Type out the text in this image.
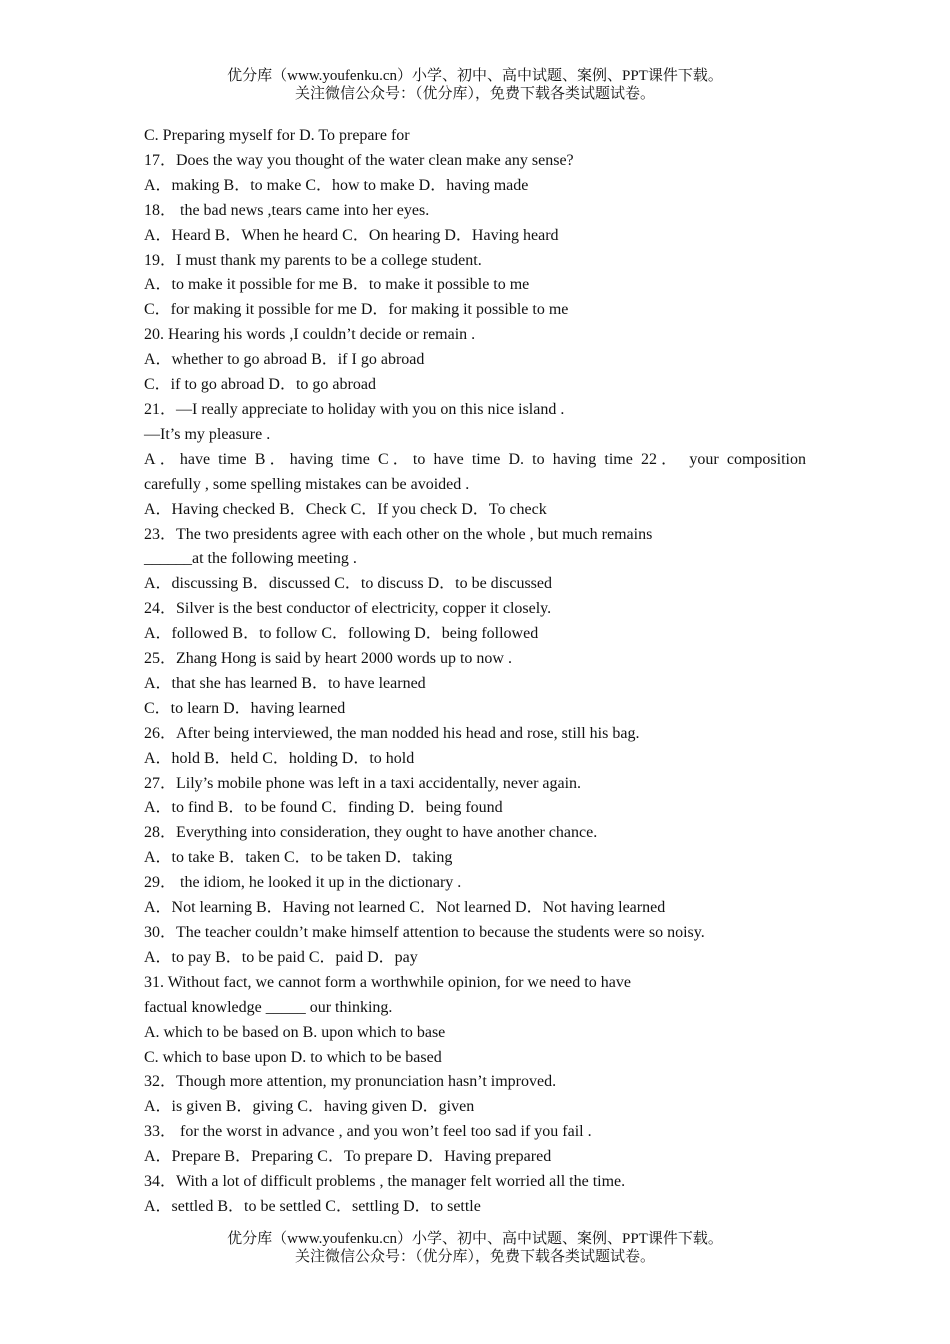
优分库（www.youfenku.cn）小学、初中、高中试题、案例、PPT课件下载。
关注微信公众号：（优分库），免费下载各类试题试卷。
C. Preparing myself for D. To prepare for
17．Does the way you thought of the water clean make any sense?
A．making B．to make C．how to make D．having made
18． the bad news ,tears came into her eyes.
A．Heard B．When he heard C．On hearing D．Having heard
19．I must thank my parents to be a college student.
A．to make it possible for me B．to make it possible to me
C．for making it possible for me D．for making it possible to me
20. Hearing his words ,I couldn’t decide or remain .
A．whether to go abroad B．if I go abroad
C．if to go abroad D．to go abroad
21．—I really appreciate to holiday with you on this nice island .
—It’s my pleasure .
A．have time B．having time C．to have time D. to having time 22． your composition
carefully , some spelling mistakes can be avoided .
A．Having checked B．Check C．If you check D．To check
23．The two presidents agree with each other on the whole , but much remains
______at the following meeting .
A．discussing B．discussed C．to discuss D．to be discussed
24．Silver is the best conductor of electricity, copper it closely.
A．followed B．to follow C．following D．being followed
25．Zhang Hong is said by heart 2000 words up to now .
A．that she has learned B．to have learned
C．to learn D．having learned
26．After being interviewed, the man nodded his head and rose, still his bag.
A．hold B．held C．holding D．to hold
27．Lily’s mobile phone was left in a taxi accidentally, never again.
A．to find B．to be found C．finding D．being found
28．Everything into consideration, they ought to have another chance.
A．to take B．taken C．to be taken D．taking
29． the idiom, he looked it up in the dictionary .
A．Not learning B．Having not learned C．Not learned D．Not having learned
30．The teacher couldn’t make himself attention to because the students were so noisy.
A．to pay B．to be paid C．paid D．pay
31. Without fact, we cannot form a worthwhile opinion, for we need to have
factual knowledge _____ our thinking.
A. which to be based on B. upon which to base
C. which to base upon D. to which to be based
32．Though more attention, my pronunciation hasn’t improved.
A．is given B．giving C．having given D．given
33． for the worst in advance , and you won’t feel too sad if you fail .
A．Prepare B．Preparing C．To prepare D．Having prepared
34．With a lot of difficult problems , the manager felt worried all the time.
A．settled B．to be settled C．settling D．to settle
优分库（www.youfenku.cn）小学、初中、高中试题、案例、PPT课件下载。
关注微信公众号：（优分库），免费下载各类试题试卷。
